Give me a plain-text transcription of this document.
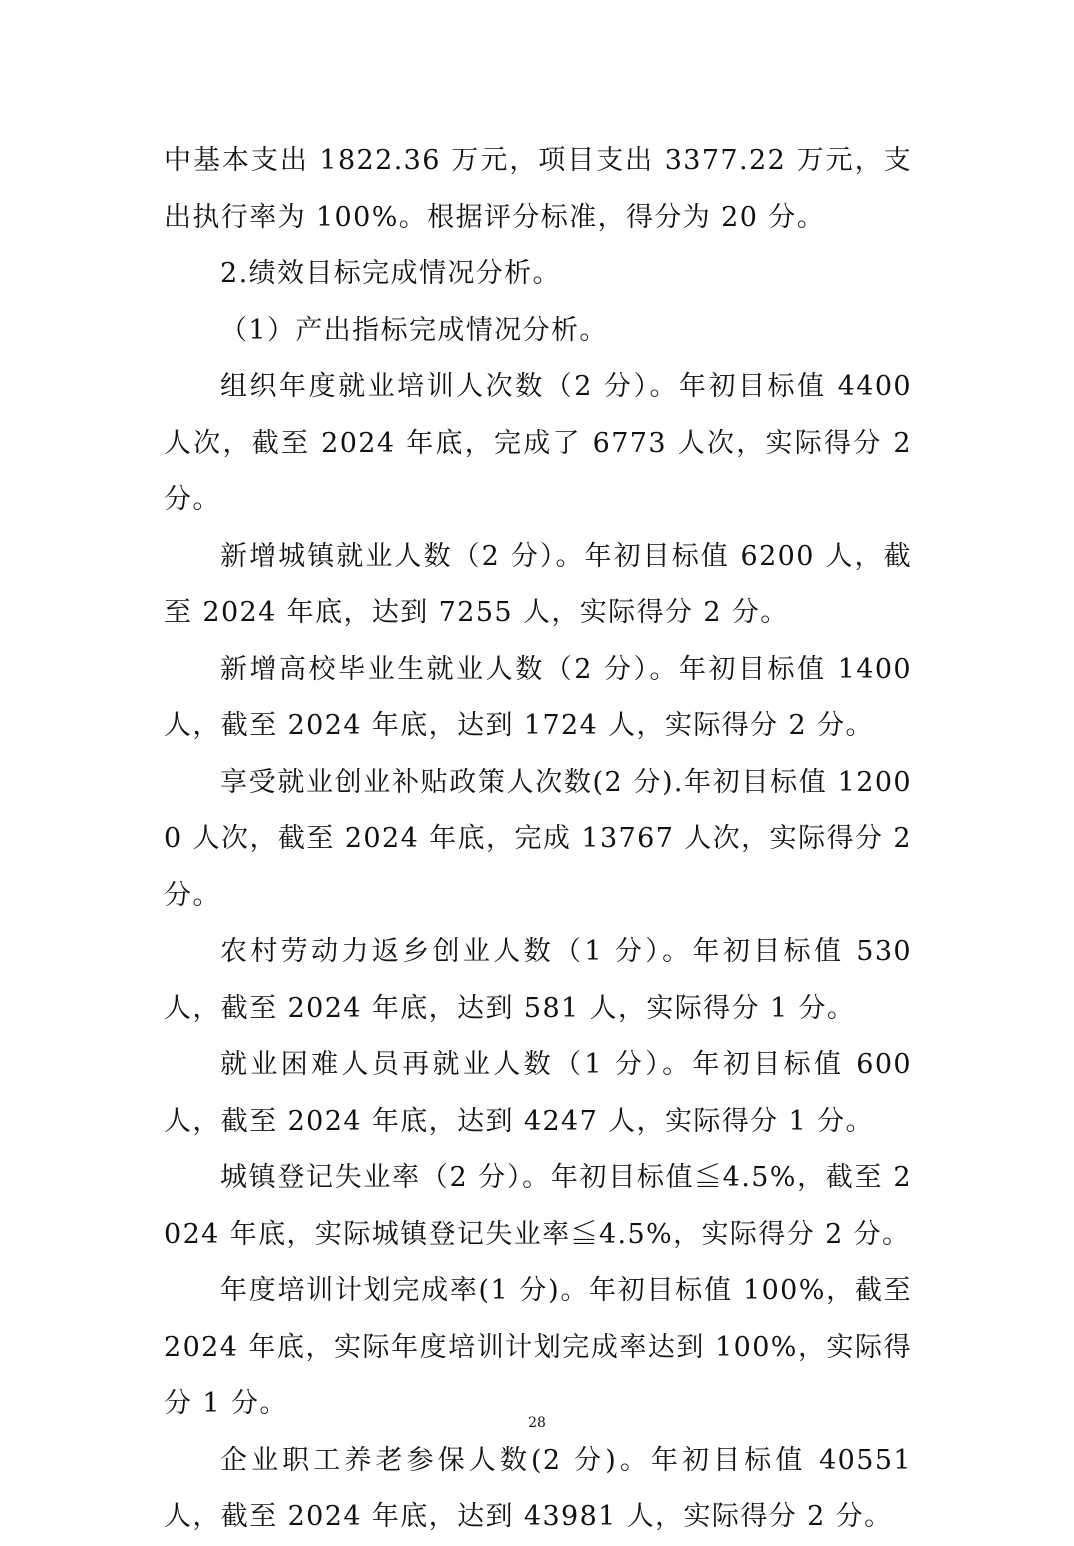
中基本支出 1822.36 万元，项目支出 3377.22 万元，支出执行率为 100%。根据评分标准，得分为 20 分。

2.绩效目标完成情况分析。

（1）产出指标完成情况分析。

组织年度就业培训人次数（2 分）。年初目标值 4400 人次，截至 2024 年底，完成了 6773 人次，实际得分 2 分。

新增城镇就业人数（2 分）。年初目标值 6200 人，截至 2024 年底，达到 7255 人，实际得分 2 分。

新增高校毕业生就业人数（2 分）。年初目标值 1400 人，截至 2024 年底，达到 1724 人，实际得分 2 分。

享受就业创业补贴政策人次数(2 分).年初目标值 12000 人次，截至 2024 年底，完成 13767 人次，实际得分 2 分。

农村劳动力返乡创业人数（1 分）。年初目标值 530 人，截至 2024 年底，达到 581 人，实际得分 1 分。

就业困难人员再就业人数（1 分）。年初目标值 600 人，截至 2024 年底，达到 4247 人，实际得分 1 分。

城镇登记失业率（2 分）。年初目标值≦4.5%，截至 2024 年底，实际城镇登记失业率≦4.5%，实际得分 2 分。

年度培训计划完成率(1 分)。年初目标值 100%，截至 2024 年底，实际年度培训计划完成率达到 100%，实际得分 1 分。

企业职工养老参保人数(2 分)。年初目标值 40551 人，截至 2024 年底，达到 43981 人，实际得分 2 分。

28
